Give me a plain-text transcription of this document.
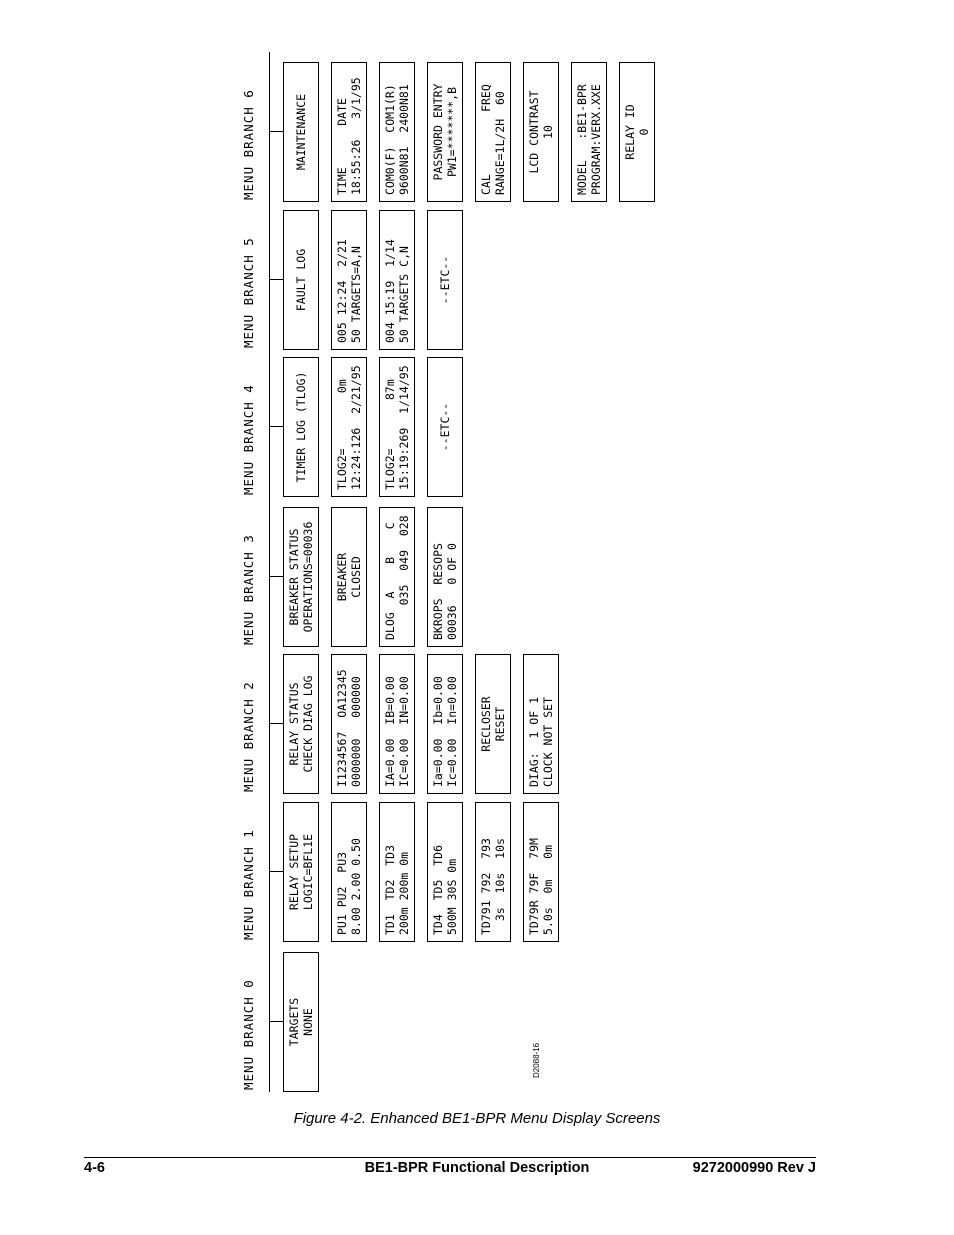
MENU BRANCH 0	TARGETS NONE
MENU BRANCH 1	RELAY SETUP LOGIC=BFL1E PU1 PU2  PU3 8.00 2.00 0.50 TD1  TD2  TD3 200m 200m 0m TD4  TD5  TD6 500M 30S 0m TD791 792  793 3s  10s  10s TD79R 79F  79M 5.0s  0m   0m
MENU BRANCH 2	RELAY STATUS CHECK DIAG LOG I1234567  OA12345 0000000   000000 IA=0.00  IB=0.00 IC=0.00  IN=0.00 Ia=0.00  Ib=0.00 Ic=0.00  In=0.00 RECLOSER RESET DIAG:  1 OF 1 CLOCK NOT SET
MENU BRANCH 3	BREAKER STATUS OPERATIONS=00036 BREAKER CLOSED DLOG  A    B    C 035  049  028 BKROPS  RESOPS 00036   0 OF 0
MENU BRANCH 4	TIMER LOG (TLOG) TLOG2=        0m 12:24:126  2/21/95 TLOG2=       87m 15:19:269  1/14/95 --ETC--
MENU BRANCH 5	FAULT LOG 005 12:24  2/21 50 TARGETS=A,N 004 15:19  1/14 50 TARGETS C,N --ETC--
MENU BRANCH 6	MAINTENANCE TIME      DATE 18:55:26   3/1/95 COM0(F)  COM1(R) 9600N81  2400N81 PASSWORD ENTRY PW1=*******,B CAL         FREQ RANGE=1L/2H  60 LCD CONTRAST 10 MODEL   :BE1-BPR PROGRAM:VERX.XXE RELAY ID 0
D2088-16
Figure 4-2. Enhanced BE1-BPR Menu Display Screens
4-6	BE1-BPR Functional Description	9272000990 Rev J
